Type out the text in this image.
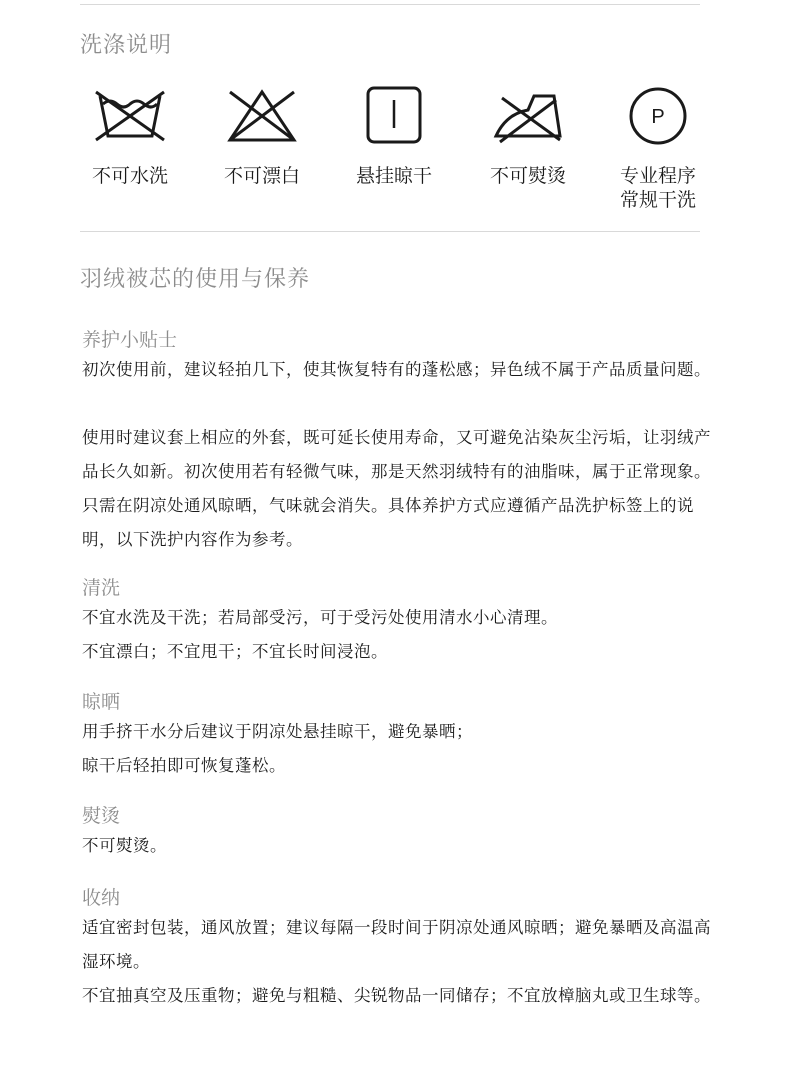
洗涤说明
不可水洗	不可漂白	悬挂晾干	不可熨烫
P
专业程序
常规干洗
羽绒被芯的使用与保养
养护小贴士

初次使用前，建议轻拍几下，使其恢复特有的蓬松感；异色绒不属于产品质量问题。

使用时建议套上相应的外套，既可延长使用寿命，又可避免沾染灰尘污垢，让羽绒产品长久如新。初次使用若有轻微气味，那是天然羽绒特有的油脂味，属于正常现象。只需在阴凉处通风晾晒，气味就会消失。具体养护方式应遵循产品洗护标签上的说明，以下洗护内容作为参考。

清洗

不宜水洗及干洗；若局部受污，可于受污处使用清水小心清理。

不宜漂白；不宜甩干；不宜长时间浸泡。

晾晒

用手挤干水分后建议于阴凉处悬挂晾干，避免暴晒；

晾干后轻拍即可恢复蓬松。

熨烫

不可熨烫。

收纳

适宜密封包装，通风放置；建议每隔一段时间于阴凉处通风晾晒；避免暴晒及高温高湿环境。

不宜抽真空及压重物；避免与粗糙、尖锐物品一同储存；不宜放樟脑丸或卫生球等。
